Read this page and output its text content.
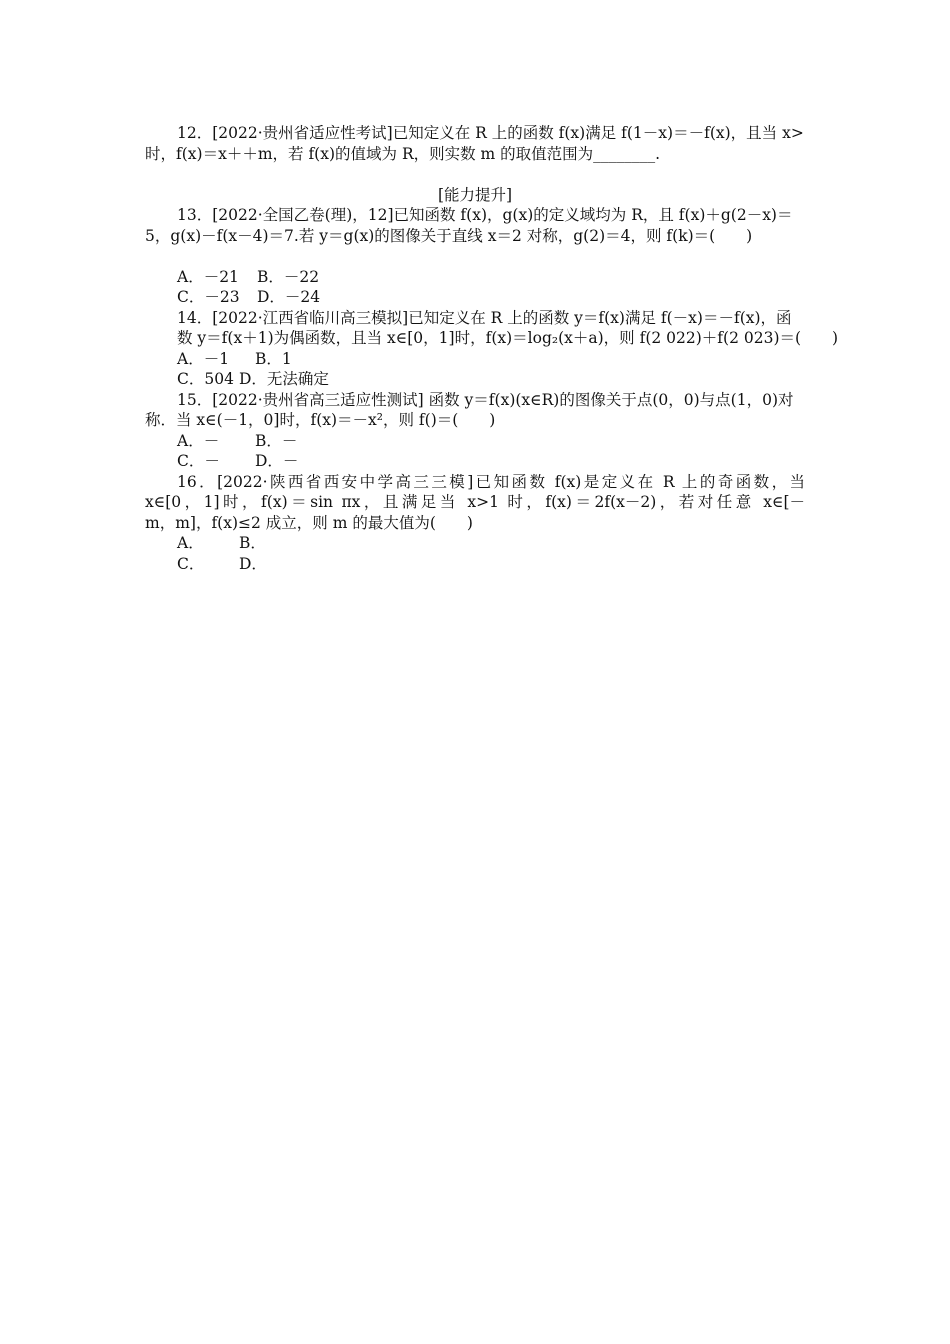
12．[2022·贵州省适应性考试]已知定义在 R 上的函数 f(x)满足 f(1－x)＝－f(x)，且当 x>
时，f(x)＝x＋＋m，若 f(x)的值域为 R，则实数 m 的取值范围为________.
[能力提升]
13．[2022·全国乙卷(理)，12]已知函数 f(x)，g(x)的定义域均为 R，且 f(x)＋g(2－x)＝
5，g(x)－f(x－4)＝7.若 y＝g(x)的图像关于直线 x＝2 对称，g(2)＝4，则 f(k)＝(　　)
A．－21 B．－22
C．－23 D．－24
14．[2022·江西省临川高三模拟]已知定义在 R 上的函数 y＝f(x)满足 f(－x)＝－f(x)，函
数 y＝f(x＋1)为偶函数，且当 x∈[0，1]时，f(x)＝log₂(x＋a)，则 f(2 022)＋f(2 023)＝(　　)
A．－1 B．1
C．504 D．无法确定
15．[2022·贵州省高三适应性测试] 函数 y＝f(x)(x∈R)的图像关于点(0，0)与点(1，0)对
称．当 x∈(－1，0]时，f(x)＝－x²，则 f()＝(　　)
A．－ B．－
C．－ D．－
16．[2022·陕西省西安中学高三三模]已知函数 f(x)是定义在 R 上的奇函数，当
x∈[0，1]时，f(x)＝sin πx，且满足当 x>1 时，f(x)＝2f(x－2)，若对任意 x∈[－
m，m]，f(x)≤2 成立，则 m 的最大值为(　　)
A． B．
C． D．
